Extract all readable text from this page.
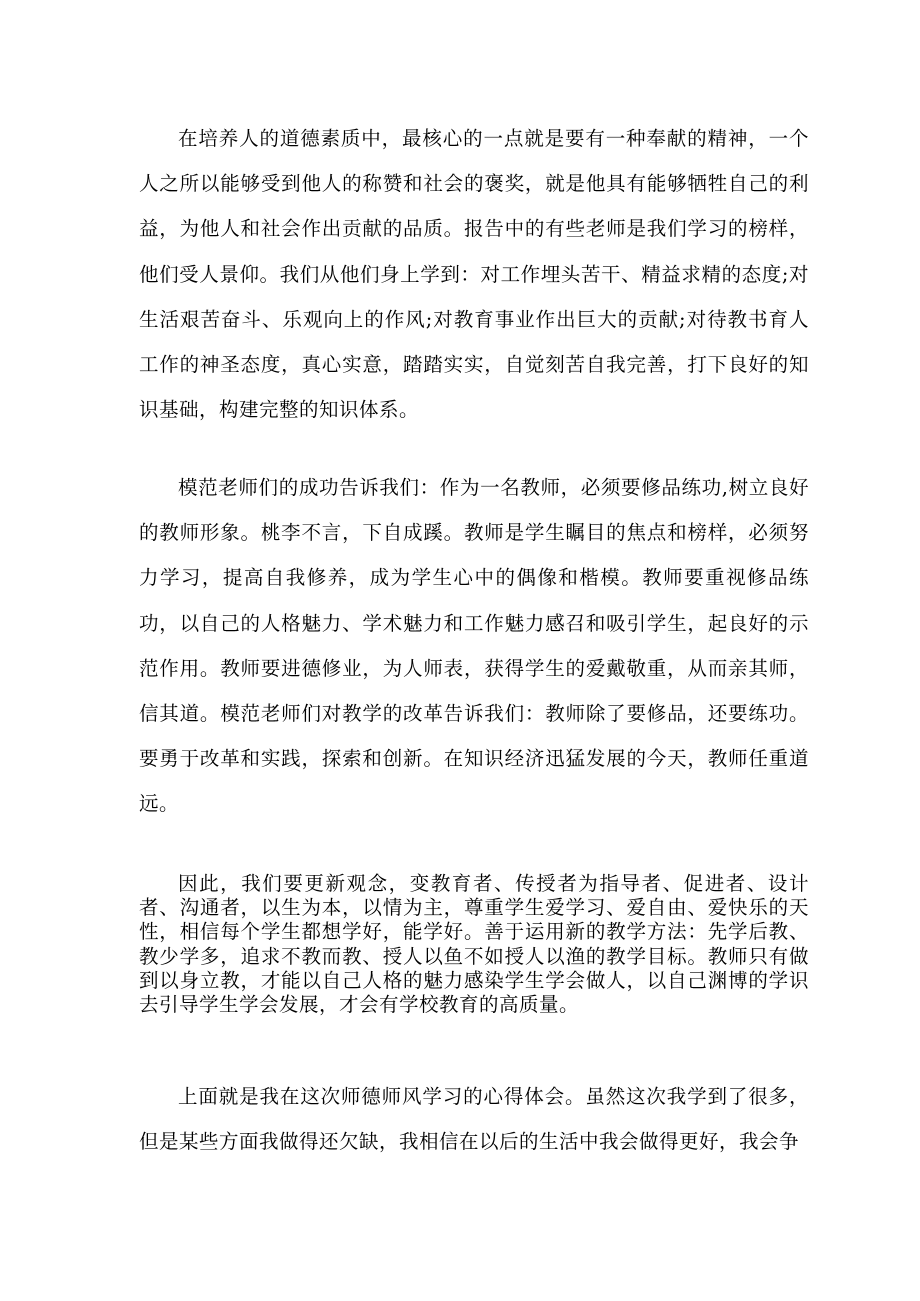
在培养人的道德素质中，最核心的一点就是要有一种奉献的精神，一个人之所以能够受到他人的称赞和社会的褒奖，就是他具有能够牺牲自己的利益，为他人和社会作出贡献的品质。报告中的有些老师是我们学习的榜样，他们受人景仰。我们从他们身上学到：对工作埋头苦干、精益求精的态度;对生活艰苦奋斗、乐观向上的作风;对教育事业作出巨大的贡献;对待教书育人工作的神圣态度，真心实意，踏踏实实，自觉刻苦自我完善，打下良好的知识基础，构建完整的知识体系。

模范老师们的成功告诉我们：作为一名教师，必须要修品练功,树立良好的教师形象。桃李不言，下自成蹊。教师是学生瞩目的焦点和榜样，必须努力学习，提高自我修养，成为学生心中的偶像和楷模。教师要重视修品练功，以自己的人格魅力、学术魅力和工作魅力感召和吸引学生，起良好的示范作用。教师要进德修业，为人师表，获得学生的爱戴敬重，从而亲其师，信其道。模范老师们对教学的改革告诉我们：教师除了要修品，还要练功。要勇于改革和实践，探索和创新。在知识经济迅猛发展的今天，教师任重道远。

因此，我们要更新观念，变教育者、传授者为指导者、促进者、设计者、沟通者，以生为本，以情为主，尊重学生爱学习、爱自由、爱快乐的天性，相信每个学生都想学好，能学好。善于运用新的教学方法：先学后教、教少学多，追求不教而教、授人以鱼不如授人以渔的教学目标。教师只有做到以身立教，才能以自己人格的魅力感染学生学会做人，以自己渊博的学识去引导学生学会发展，才会有学校教育的高质量。

上面就是我在这次师德师风学习的心得体会。虽然这次我学到了很多，但是某些方面我做得还欠缺，我相信在以后的生活中我会做得更好，我会争
